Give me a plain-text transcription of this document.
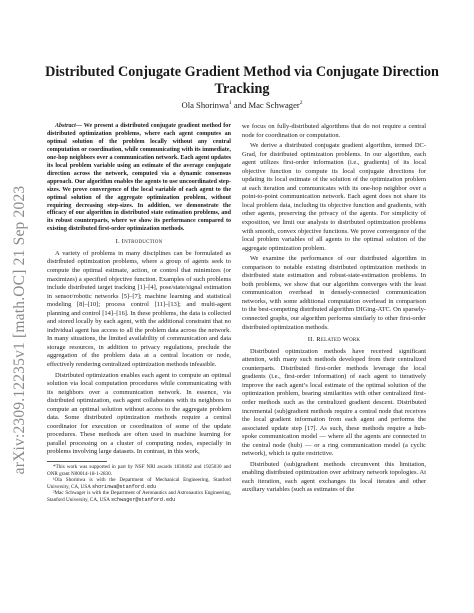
arXiv:2309.12235v1 [math.OC] 21 Sep 2023
Distributed Conjugate Gradient Method via Conjugate Direction
Tracking

Ola Shorinwa$^1$ and Mac Schwager$^2$

Abstract— We present a distributed conjugate gradient method for distributed optimization problems, where each agent computes an optimal solution of the problem locally without any central computation or coordination, while communicating with its immediate, one-hop neighbors over a communication network. Each agent updates its local problem variable using an estimate of the average conjugate direction across the network, computed via a dynamic consensus approach. Our algorithm enables the agents to use uncoordinated step-sizes. We prove convergence of the local variable of each agent to the optimal solution of the aggregate optimization problem, without requiring decreasing step-sizes. In addition, we demonstrate the efficacy of our algorithm in distributed state estimation problems, and its robust counterparts, where we show its performance compared to existing distributed first-order optimization methods.

I. Introduction

A variety of problems in many disciplines can be formulated as distributed optimization problems, where a group of agents seek to compute the optimal estimate, action, or control that minimizes (or maximizes) a specified objective function. Examples of such problems include distributed target tracking [1]–[4], pose/state/signal estimation in sensor/robotic networks [5]–[7]; machine learning and statistical modeling [8]–[10]; process control [11]–[13]; and multi-agent planning and control [14]–[16]. In these problems, the data is collected and stored locally by each agent, with the additional constraint that no individual agent has access to all the problem data across the network. In many situations, the limited availability of communication and data storage resources, in addition to privacy regulations, preclude the aggregation of the problem data at a central location or node, effectively rendering centralized optimization methods infeasible.

Distributed optimization enables each agent to compute an optimal solution via local computation procedures while communicating with its neighbors over a communication network. In essence, via distributed optimization, each agent collaborates with its neighbors to compute an optimal solution without access to the aggregate problem data. Some distributed optimization methods require a central coordinator for execution or coordination of some of the update procedures. These methods are often used in machine learning for parallel processing on a cluster of computing nodes, especially in problems involving large datasets. In contrast, in this work,

*This work was supported in part by NSF NRI awards 1830402 and 1925030 and ONR grant N00014-18-1-2830.

¹Ola Shorinwa is with the Department of Mechanical Engineering, Stanford University, CA, USA shorinwa@stanford.edu

²Mac Schwager is with the Department of Aeronautics and Astronautics Engineering, Stanford University, CA, USA schwager@stanford.edu

we focus on fully-distributed algorithms that do not require a central node for coordination or computation.

We derive a distributed conjugate gradient algorithm, termed DC-Grad, for distributed optimization problems. In our algorithm, each agent utilizes first-order information (i.e., gradients) of its local objective function to compute its local conjugate directions for updating its local estimate of the solution of the optimization problem at each iteration and communicates with its one-hop neighbor over a point-to-point communication network. Each agent does not share its local problem data, including its objective function and gradients, with other agents, preserving the privacy of the agents. For simplicity of exposition, we limit our analysis to distributed optimization problems with smooth, convex objective functions. We prove convergence of the local problem variables of all agents to the optimal solution of the aggregate optimization problem.

We examine the performance of our distributed algorithm in comparison to notable existing distributed optimization methods in distributed state estimation and robust-state-estimation problems. In both problems, we show that our algorithm converges with the least communication overhead in densely-connected communication networks, with some additional computation overhead in comparison to the best-competing distributed algorithm DIGing-ATC. On sparsely-connected graphs, our algorithm performs similarly to other first-order distributed optimization methods.

II. Related Work

Distributed optimization methods have received significant attention, with many such methods developed from their centralized counterparts. Distributed first-order methods leverage the local gradients (i.e., first-order information) of each agent to iteratively improve the each agent’s local estimate of the optimal solution of the optimization problem, bearing similarities with other centralized first-order methods such as the centralized gradient descent. Distributed incremental (sub)gradient methods require a central node that receives the local gradient information from each agent and performs the associated update step [17]. As such, these methods require a hub-spoke communication model — where all the agents are connected to the central node (hub) — or a ring communication model (a cyclic network), which is quite restrictive.

Distributed (sub)gradient methods circumvent this limitation, enabling distributed optimization over arbitrary network topologies. At each iteration, each agent exchanges its local iterates and other auxiliary variables (such as estimates of the
